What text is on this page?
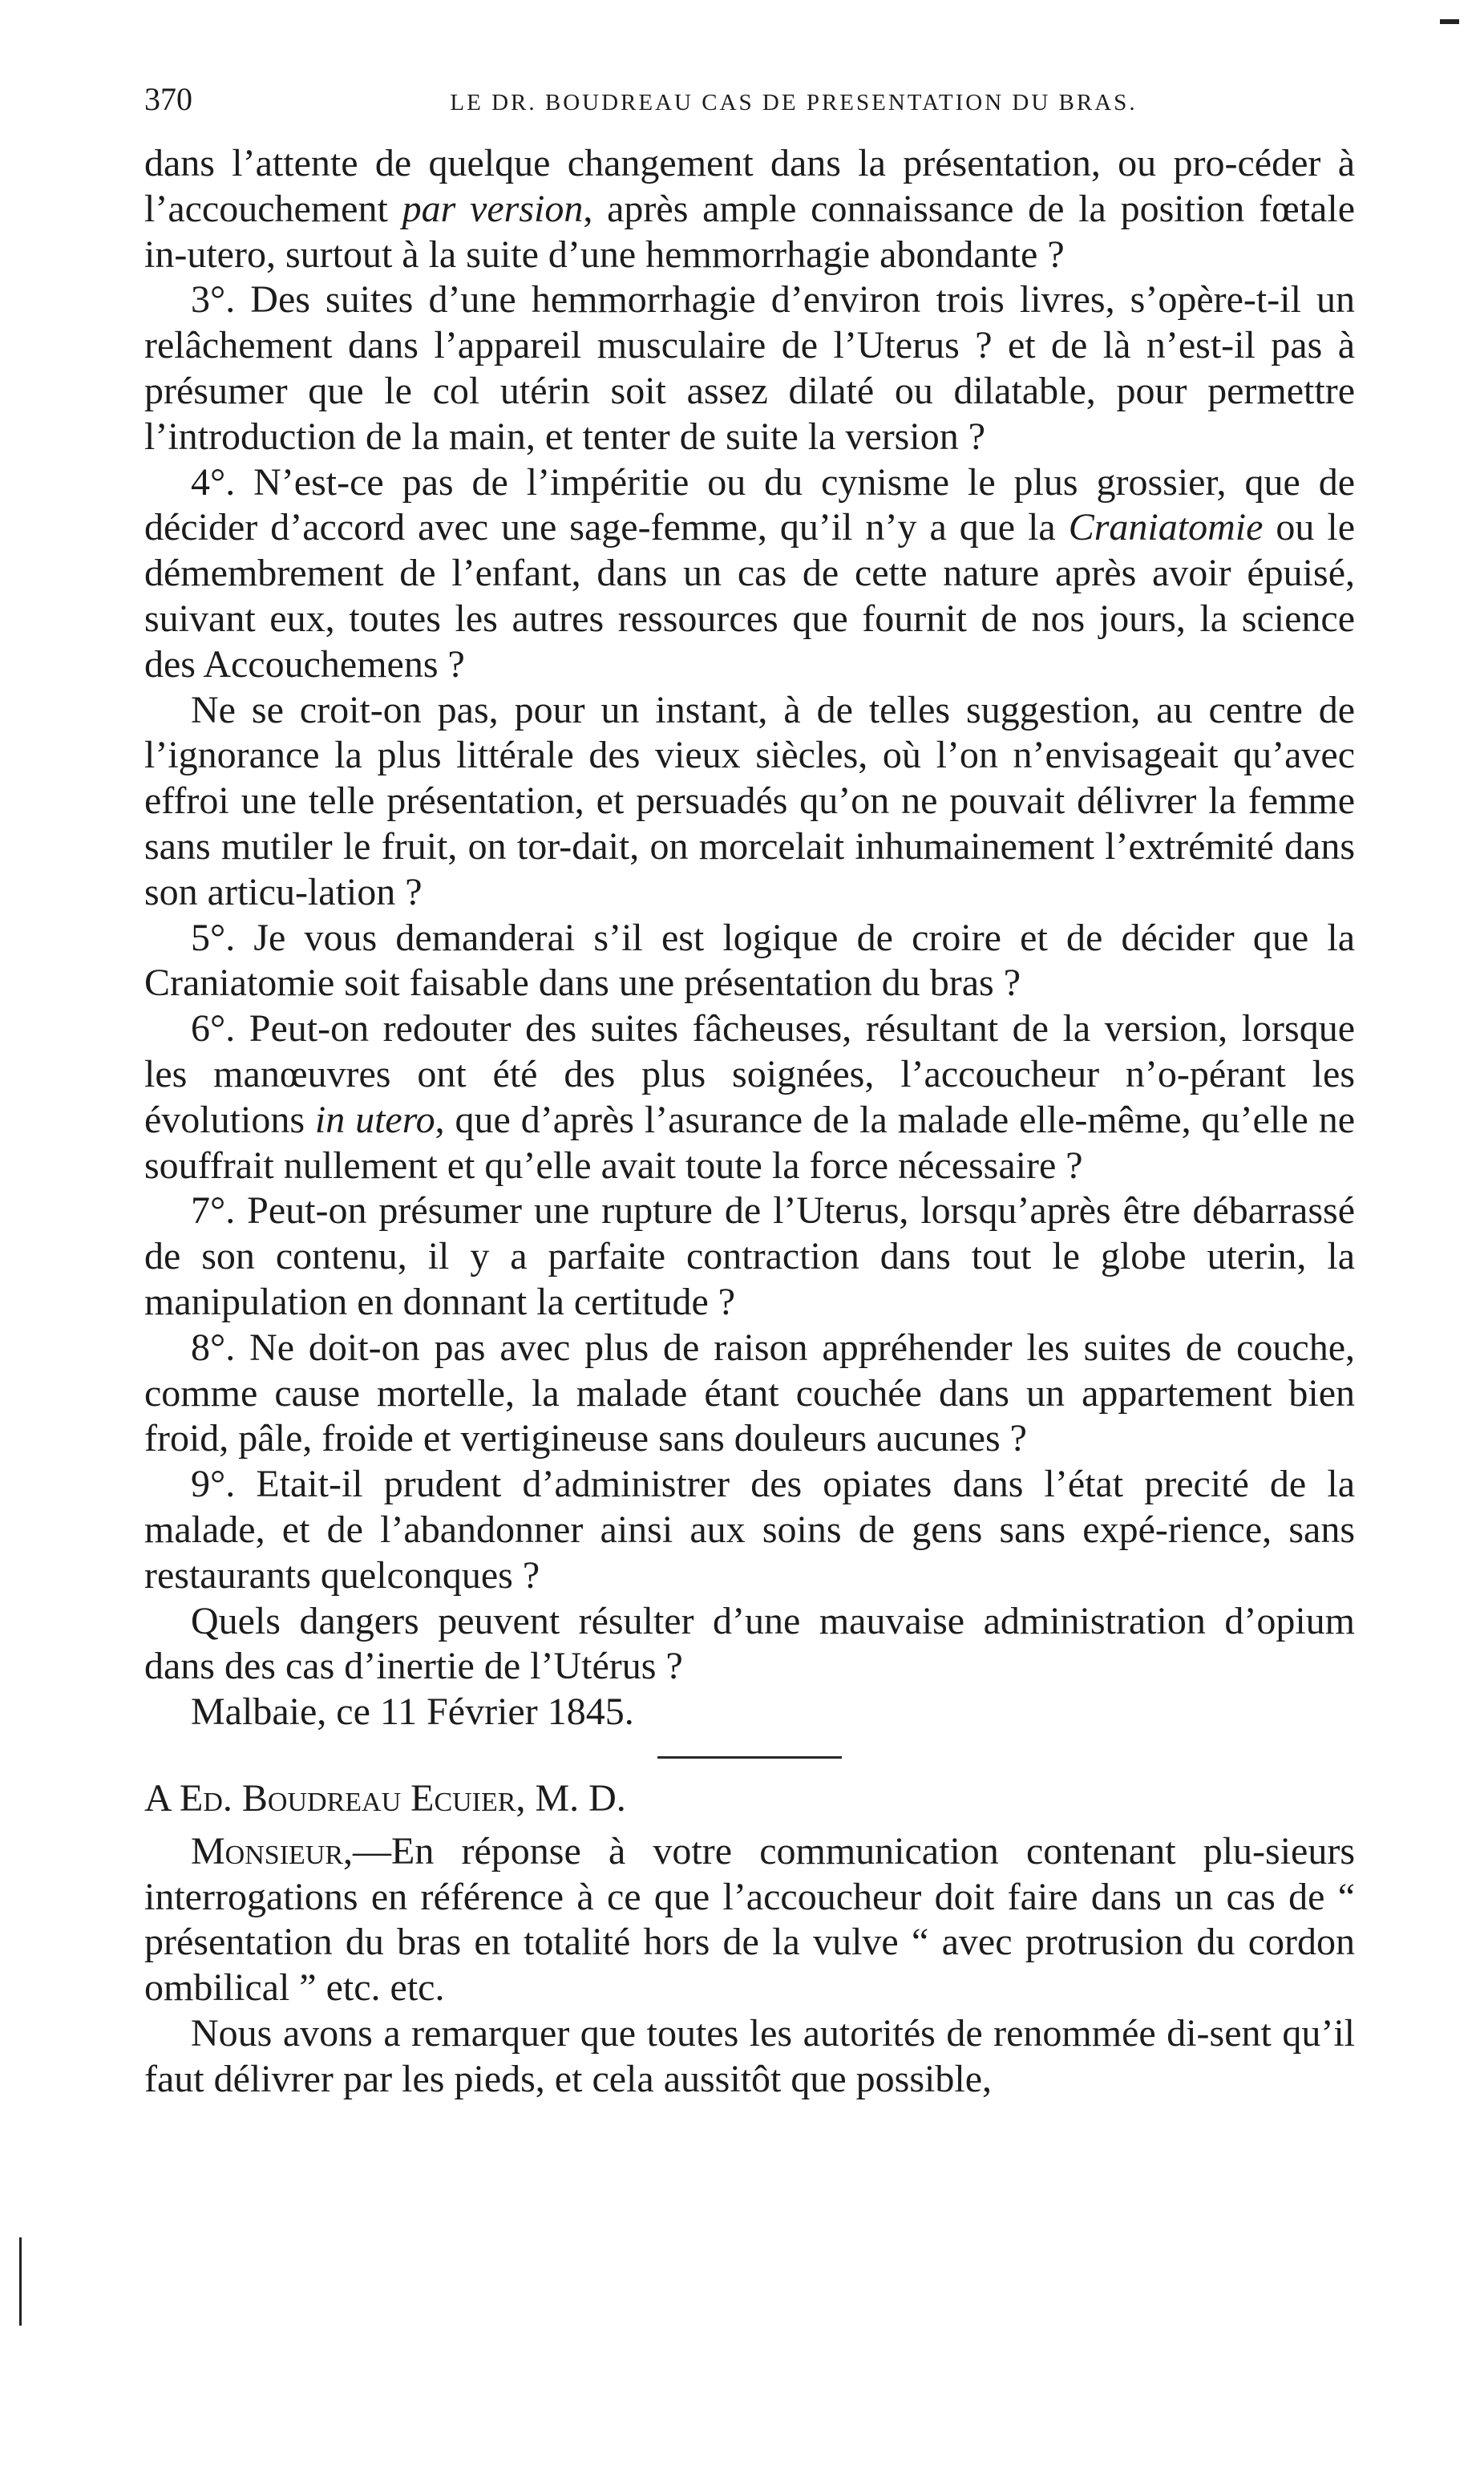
370	LE DR. BOUDREAU CAS DE PRESENTATION DU BRAS.

dans l’attente de quelque changement dans la présentation, ou pro-céder à l’accouchement par version, après ample connaissance de la position fœtale in-utero, surtout à la suite d’une hemmorrhagie abondante ?

3°. Des suites d’une hemmorrhagie d’environ trois livres, s’opère-t-il un relâchement dans l’appareil musculaire de l’Uterus ? et de là n’est-il pas à présumer que le col utérin soit assez dilaté ou dilatable, pour permettre l’introduction de la main, et tenter de suite la version ?

4°. N’est-ce pas de l’impéritie ou du cynisme le plus grossier, que de décider d’accord avec une sage-femme, qu’il n’y a que la Craniatomie ou le démembrement de l’enfant, dans un cas de cette nature après avoir épuisé, suivant eux, toutes les autres ressources que fournit de nos jours, la science des Accouchemens ?

Ne se croit-on pas, pour un instant, à de telles suggestion, au centre de l’ignorance la plus littérale des vieux siècles, où l’on n’envisageait qu’avec effroi une telle présentation, et persuadés qu’on ne pouvait délivrer la femme sans mutiler le fruit, on tor-dait, on morcelait inhumainement l’extrémité dans son articu-lation ?

5°. Je vous demanderai s’il est logique de croire et de décider que la Craniatomie soit faisable dans une présentation du bras ?

6°. Peut-on redouter des suites fâcheuses, résultant de la version, lorsque les manœuvres ont été des plus soignées, l’accoucheur n’o-pérant les évolutions in utero, que d’après l’asurance de la malade elle-même, qu’elle ne souffrait nullement et qu’elle avait toute la force nécessaire ?

7°. Peut-on présumer une rupture de l’Uterus, lorsqu’après être débarrassé de son contenu, il y a parfaite contraction dans tout le globe uterin, la manipulation en donnant la certitude ?

8°. Ne doit-on pas avec plus de raison appréhender les suites de couche, comme cause mortelle, la malade étant couchée dans un appartement bien froid, pâle, froide et vertigineuse sans douleurs aucunes ?

9°. Etait-il prudent d’administrer des opiates dans l’état precité de la malade, et de l’abandonner ainsi aux soins de gens sans expé-rience, sans restaurants quelconques ?

Quels dangers peuvent résulter d’une mauvaise administration d’opium dans des cas d’inertie de l’Utérus ?

Malbaie, ce 11 Février 1845.

A Ed. Boudreau Ecuier, M. D.

Monsieur,—En réponse à votre communication contenant plu-sieurs interrogations en référence à ce que l’accoucheur doit faire dans un cas de “ présentation du bras en totalité hors de la vulve “ avec protrusion du cordon ombilical ” etc. etc.

Nous avons a remarquer que toutes les autorités de renommée di-sent qu’il faut délivrer par les pieds, et cela aussitôt que possible,
